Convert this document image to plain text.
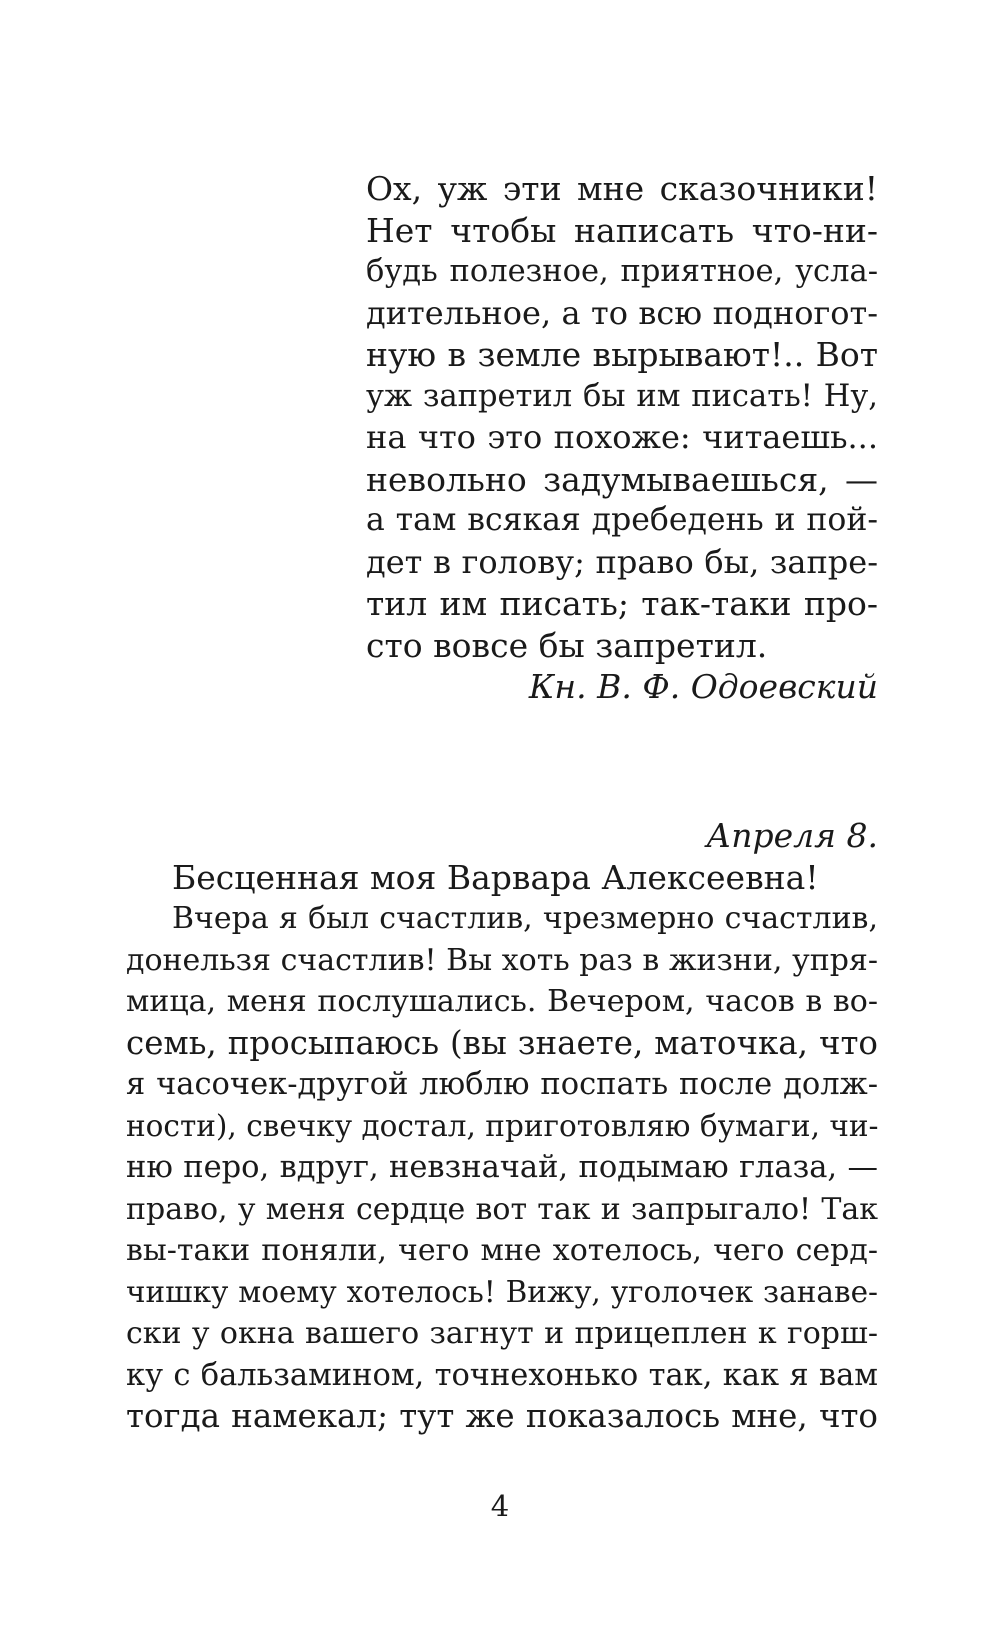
Ох, уж эти мне сказочники!
Нет чтобы написать что-ни-
будь полезное, приятное, усла-
дительное, а то всю подногот-
ную в земле вырывают!.. Вот
уж запретил бы им писать! Ну,
на что это похоже: читаешь...
невольно задумываешься, —
а там всякая дребедень и пой-
дет в голову; право бы, запре-
тил им писать; так-таки про-
сто вовсе бы запретил.
Кн. В. Ф. Одоевский
Апреля 8.
Бесценная моя Варвара Алексеевна!
Вчера я был счастлив, чрезмерно счастлив,
донельзя счастлив! Вы хоть раз в жизни, упря-
мица, меня послушались. Вечером, часов в во-
семь, просыпаюсь (вы знаете, маточка, что
я часочек-другой люблю поспать после долж-
ности), свечку достал, приготовляю бумаги, чи-
ню перо, вдруг, невзначай, подымаю глаза, —
право, у меня сердце вот так и запрыгало! Так
вы-таки поняли, чего мне хотелось, чего серд-
чишку моему хотелось! Вижу, уголочек занаве-
ски у окна вашего загнут и прицеплен к горш-
ку с бальзамином, точнехонько так, как я вам
тогда намекал; тут же показалось мне, что
4
